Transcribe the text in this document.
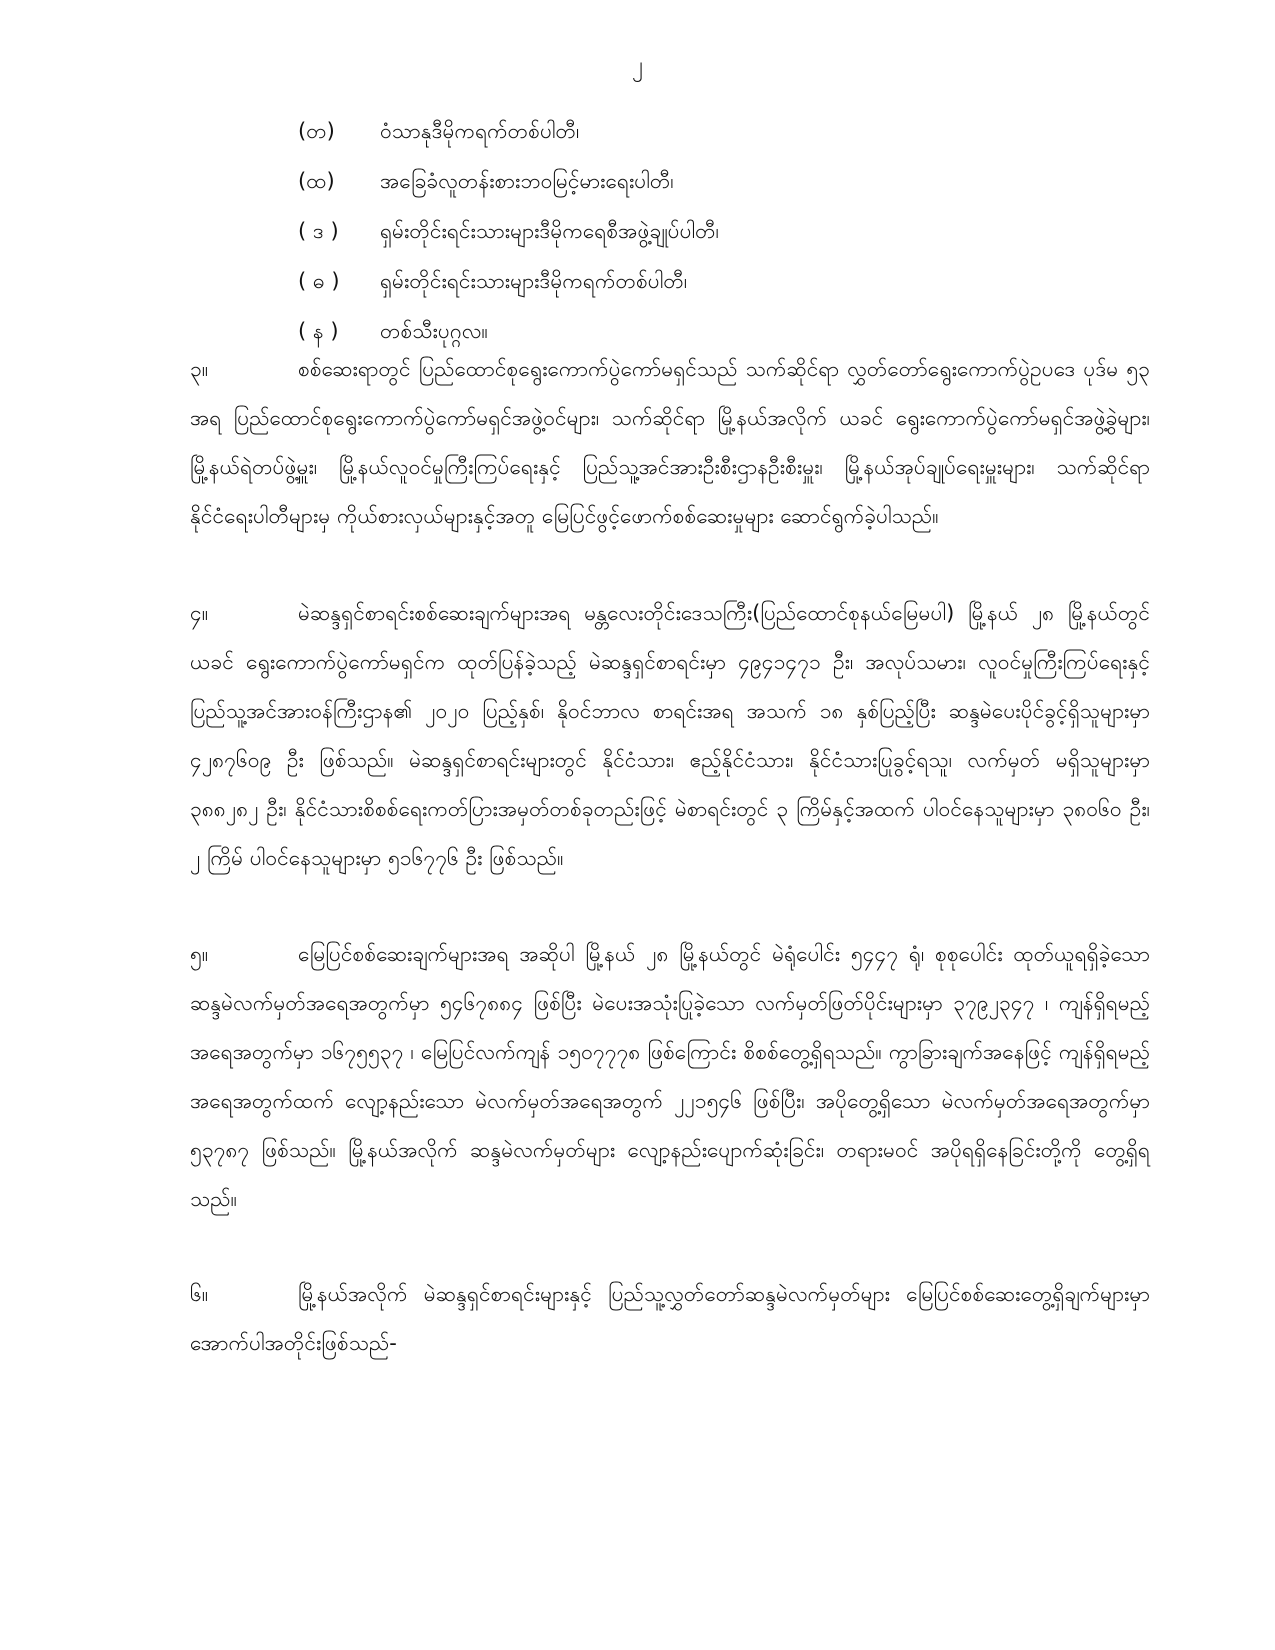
၂
(တ) ဝံသာနုဒီမိုကရက်တစ်ပါတီ၊
(ထ) အခြေခံလူတန်းစားဘဝမြင့်မားရေးပါတီ၊
( ဒ ) ရှမ်းတိုင်းရင်းသားများဒီမိုကရေစီအဖွဲ့ချုပ်ပါတီ၊
( ဓ ) ရှမ်းတိုင်းရင်းသားများဒီမိုကရက်တစ်ပါတီ၊
( န ) တစ်သီးပုဂ္ဂလ။
၃။	စစ်ဆေးရာတွင် ပြည်ထောင်စုရွေးကောက်ပွဲကော်မရှင်သည် သက်ဆိုင်ရာ လွှတ်တော်ရွေးကောက်ပွဲဥပဒေ ပုဒ်မ ၅၃ အရ ပြည်ထောင်စုရွေးကောက်ပွဲကော်မရှင်အဖွဲ့ဝင်များ၊ သက်ဆိုင်ရာ မြို့နယ်အလိုက် ယခင် ရွေးကောက်ပွဲကော်မရှင်အဖွဲ့ခွဲများ၊ မြို့နယ်ရဲတပ်ဖွဲ့မှူး၊ မြို့နယ်လူဝင်မှုကြီးကြပ်ရေးနှင့် ပြည်သူ့အင်အားဦးစီးဌာနဦးစီးမှူး၊ မြို့နယ်အုပ်ချုပ်ရေးမှူးများ၊ သက်ဆိုင်ရာနိုင်ငံရေးပါတီများမှ ကိုယ်စားလှယ်များနှင့်အတူ မြေပြင်ဖွင့်ဖောက်စစ်ဆေးမှုများ ဆောင်ရွက်ခဲ့ပါသည်။
၄။	မဲဆန္ဒရှင်စာရင်းစစ်ဆေးချက်များအရ မန္တလေးတိုင်းဒေသကြီး(ပြည်ထောင်စုနယ်မြေမပါ) မြို့နယ် ၂၈ မြို့နယ်တွင် ယခင် ရွေးကောက်ပွဲကော်မရှင်က ထုတ်ပြန်ခဲ့သည့် မဲဆန္ဒရှင်စာရင်းမှာ ၄၉၄၁၄၇၁ ဦး၊ အလုပ်သမား၊ လူဝင်မှုကြီးကြပ်ရေးနှင့် ပြည်သူ့အင်အားဝန်ကြီးဌာန၏ ၂၀၂၀ ပြည့်နှစ်၊ နိုဝင်ဘာလ စာရင်းအရ အသက် ၁၈ နှစ်ပြည့်ပြီး ဆန္ဒမဲပေးပိုင်ခွင့်ရှိသူများမှာ ၄၂၈၇၆၀၉ ဦး ဖြစ်သည်။ မဲဆန္ဒရှင်စာရင်းများတွင် နိုင်ငံသား၊ ဧည့်နိုင်ငံသား၊ နိုင်ငံသားပြုခွင့်ရသူ၊ လက်မှတ် မရှိသူများမှာ ၃၈၈၂၈၂ ဦး၊ နိုင်ငံသားစိစစ်ရေးကတ်ပြားအမှတ်တစ်ခုတည်းဖြင့် မဲစာရင်းတွင် ၃ ကြိမ်နှင့်အထက် ပါဝင်နေသူများမှာ ၃၈၀၆၀ ဦး၊ ၂ ကြိမ် ပါဝင်နေသူများမှာ ၅၁၆၇၇၆ ဦး ဖြစ်သည်။
၅။	မြေပြင်စစ်ဆေးချက်များအရ အဆိုပါ မြို့နယ် ၂၈ မြို့နယ်တွင် မဲရုံပေါင်း ၅၄၄၇ ရုံ၊ စုစုပေါင်း ထုတ်ယူရရှိခဲ့သော ဆန္ဒမဲလက်မှတ်အရေအတွက်မှာ ၅၄၆၇၈၈၄ ဖြစ်ပြီး မဲပေးအသုံးပြုခဲ့သော လက်မှတ်ဖြတ်ပိုင်းများမှာ ၃၇၉၂၃၄၇ ၊ ကျန်ရှိရမည့်အရေအတွက်မှာ ၁၆၇၅၅၃၇ ၊ မြေပြင်လက်ကျန် ၁၅၀၇၇၇၈ ဖြစ်ကြောင်း စိစစ်တွေ့ရှိရသည်။ ကွာခြားချက်အနေဖြင့် ကျန်ရှိရမည့်အရေအတွက်ထက် လျော့နည်းသော မဲလက်မှတ်အရေအတွက် ၂၂၁၅၄၆ ဖြစ်ပြီး၊ အပိုတွေ့ရှိသော မဲလက်မှတ်အရေအတွက်မှာ ၅၃၇၈၇ ဖြစ်သည်။ မြို့နယ်အလိုက် ဆန္ဒမဲလက်မှတ်များ လျော့နည်းပျောက်ဆုံးခြင်း၊ တရားမဝင် အပိုရရှိနေခြင်းတို့ကို တွေ့ရှိရသည်။
၆။	မြို့နယ်အလိုက် မဲဆန္ဒရှင်စာရင်းများနှင့် ပြည်သူ့လွှတ်တော်ဆန္ဒမဲလက်မှတ်များ မြေပြင်စစ်ဆေးတွေ့ရှိချက်များမှာ အောက်ပါအတိုင်းဖြစ်သည်-
